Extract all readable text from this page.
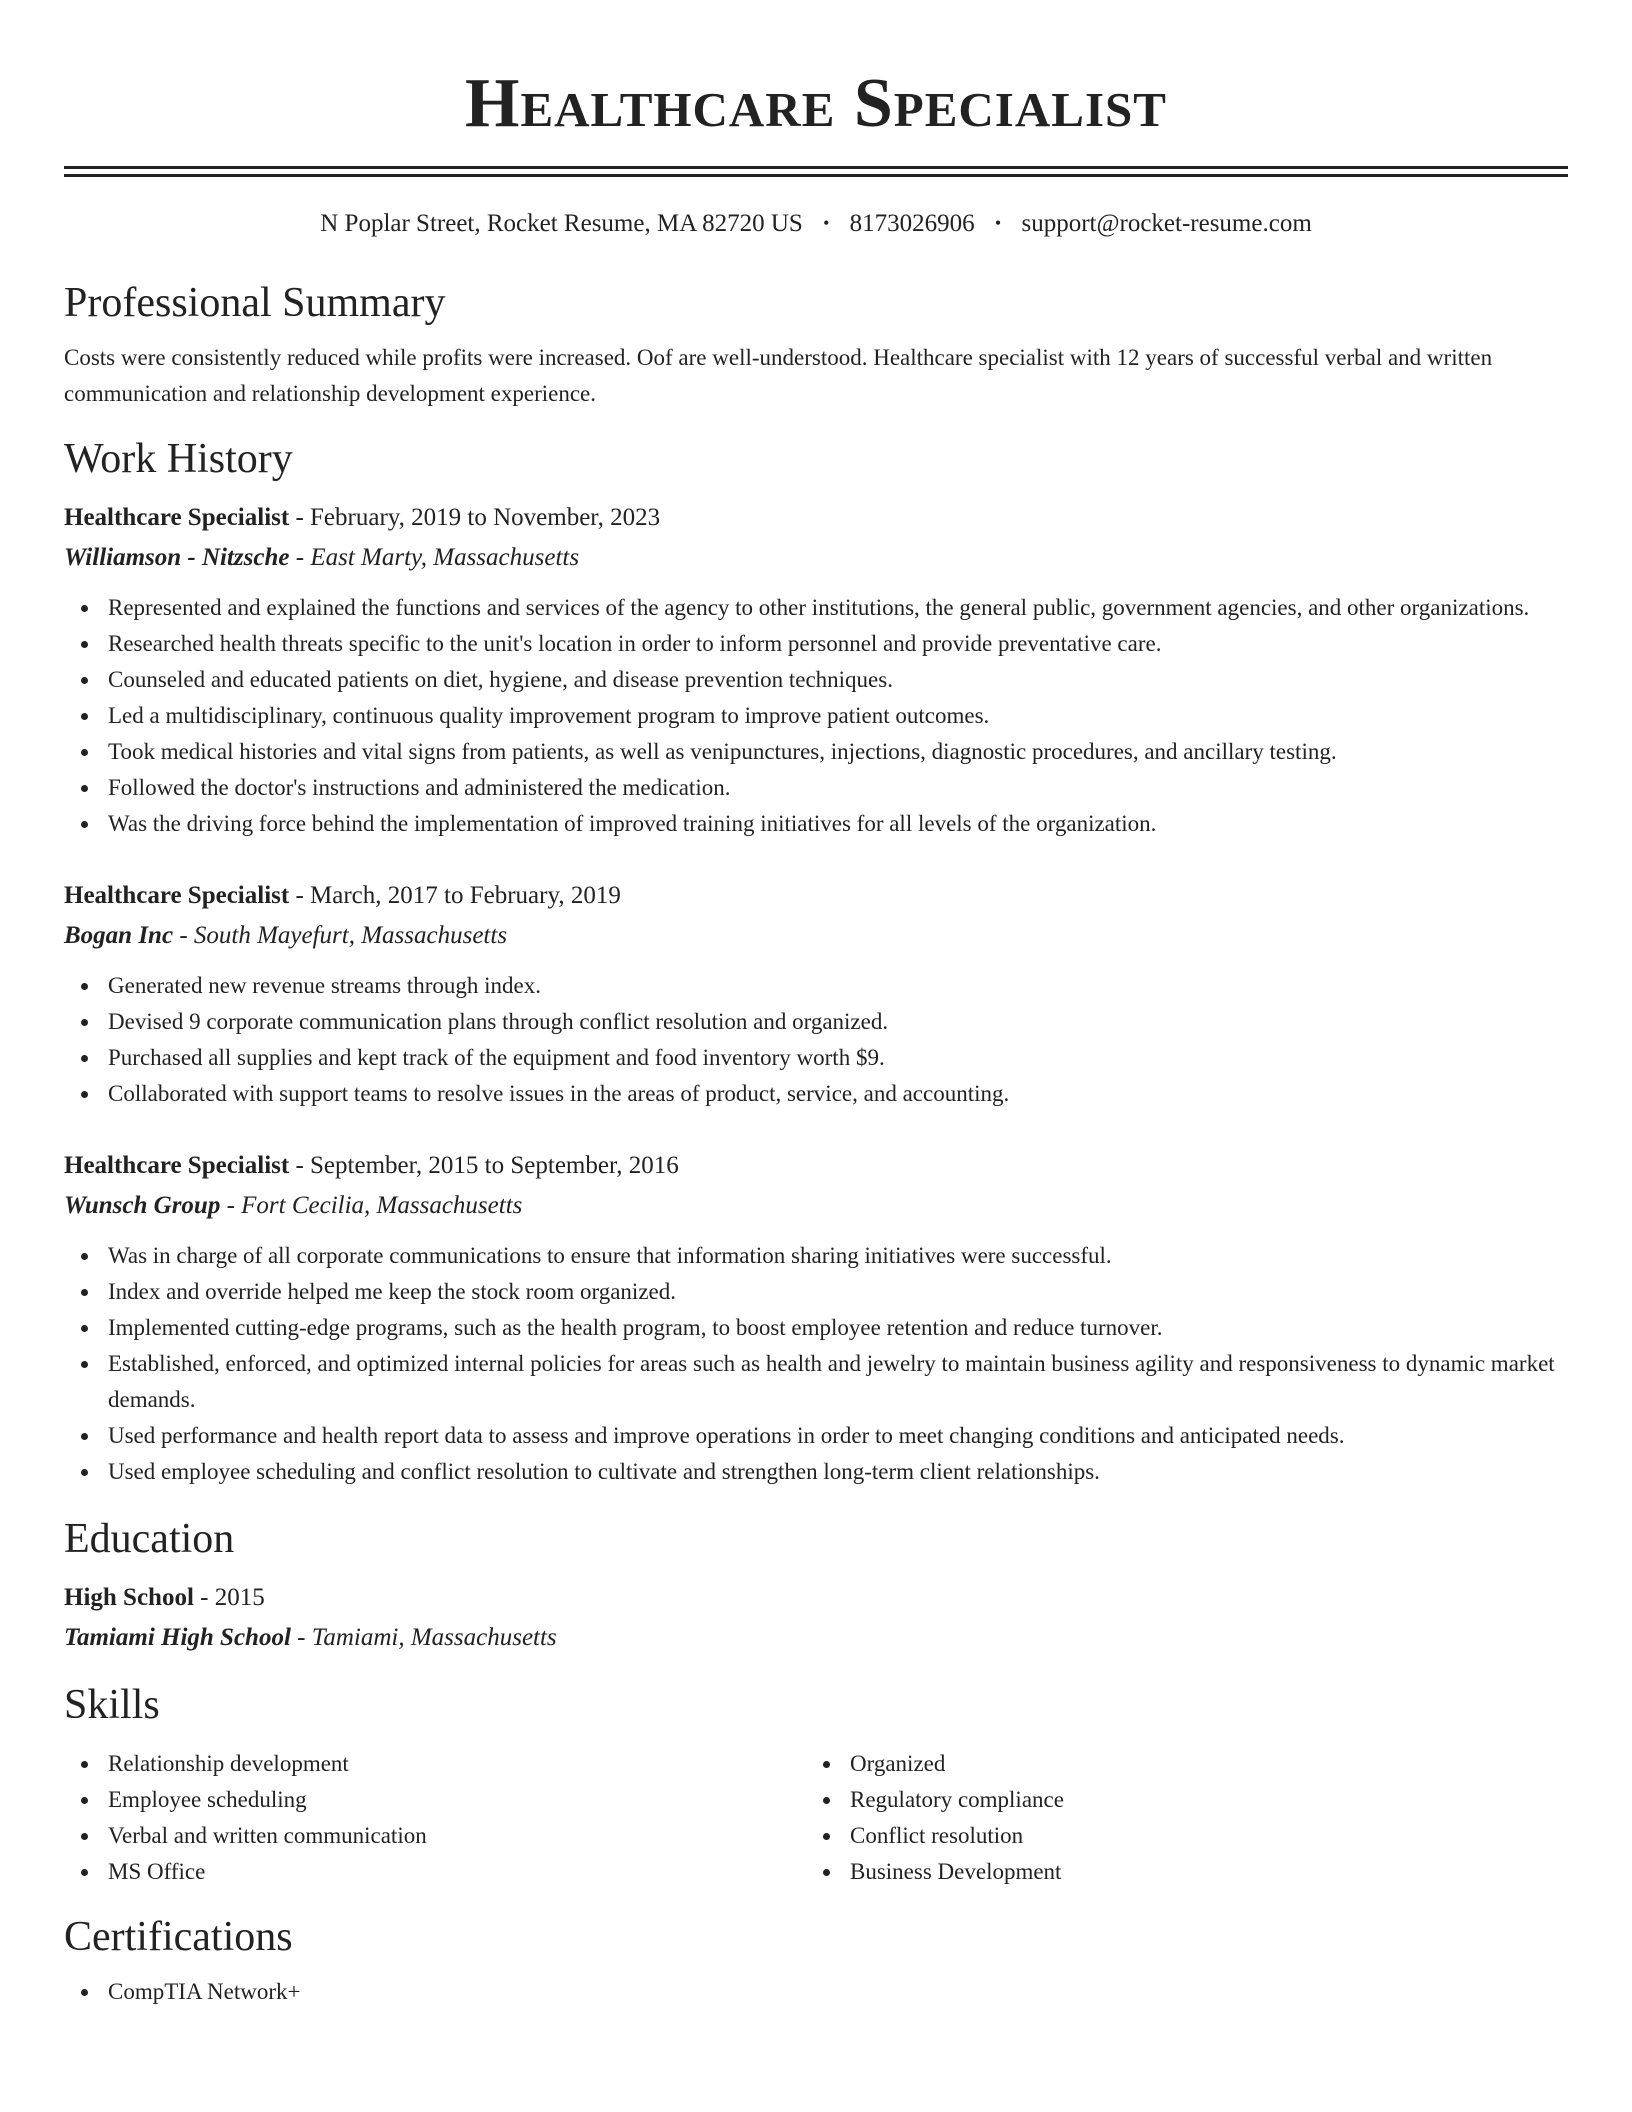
Healthcare Specialist
N Poplar Street, Rocket Resume, MA 82720 US • 8173026906 • support@rocket-resume.com
Professional Summary
Costs were consistently reduced while profits were increased. Oof are well-understood. Healthcare specialist with 12 years of successful verbal and written communication and relationship development experience.
Work History
Healthcare Specialist - February, 2019 to November, 2023
Williamson - Nitzsche - East Marty, Massachusetts
Represented and explained the functions and services of the agency to other institutions, the general public, government agencies, and other organizations.
Researched health threats specific to the unit's location in order to inform personnel and provide preventative care.
Counseled and educated patients on diet, hygiene, and disease prevention techniques.
Led a multidisciplinary, continuous quality improvement program to improve patient outcomes.
Took medical histories and vital signs from patients, as well as venipunctures, injections, diagnostic procedures, and ancillary testing.
Followed the doctor's instructions and administered the medication.
Was the driving force behind the implementation of improved training initiatives for all levels of the organization.
Healthcare Specialist - March, 2017 to February, 2019
Bogan Inc - South Mayefurt, Massachusetts
Generated new revenue streams through index.
Devised 9 corporate communication plans through conflict resolution and organized.
Purchased all supplies and kept track of the equipment and food inventory worth $9.
Collaborated with support teams to resolve issues in the areas of product, service, and accounting.
Healthcare Specialist - September, 2015 to September, 2016
Wunsch Group - Fort Cecilia, Massachusetts
Was in charge of all corporate communications to ensure that information sharing initiatives were successful.
Index and override helped me keep the stock room organized.
Implemented cutting-edge programs, such as the health program, to boost employee retention and reduce turnover.
Established, enforced, and optimized internal policies for areas such as health and jewelry to maintain business agility and responsiveness to dynamic market demands.
Used performance and health report data to assess and improve operations in order to meet changing conditions and anticipated needs.
Used employee scheduling and conflict resolution to cultivate and strengthen long-term client relationships.
Education
High School - 2015
Tamiami High School - Tamiami, Massachusetts
Skills
Relationship development
Employee scheduling
Verbal and written communication
MS Office
Organized
Regulatory compliance
Conflict resolution
Business Development
Certifications
CompTIA Network+
